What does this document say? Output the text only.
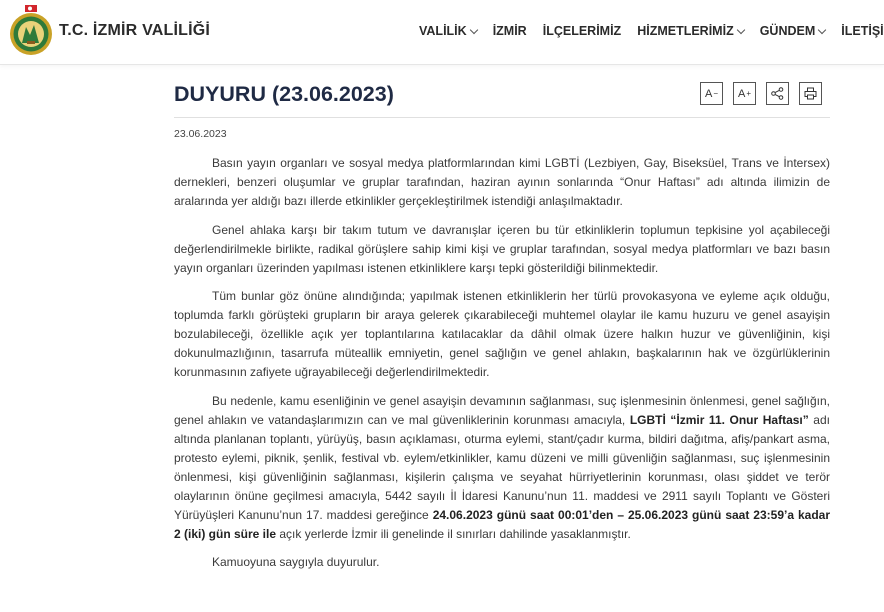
T.C. İZMİR VALİLİĞİ	VALİLİK İZMİR İLÇELERİMİZ HİZMETLERİMİZ GÜNDEM İLETİŞİ
DUYURU (23.06.2023)	A − A +
23.06.2023

Basın yayın organları ve sosyal medya platformlarından kimi LGBTİ (Lezbiyen, Gay, Biseksüel, Trans ve İntersex) dernekleri, benzeri oluşumlar ve gruplar tarafından, haziran ayının sonlarında “Onur Haftası” adı altında ilimizin de aralarında yer aldığı bazı illerde etkinlikler gerçekleştirilmek istendiği anlaşılmaktadır.

Genel ahlaka karşı bir takım tutum ve davranışlar içeren bu tür etkinliklerin toplumun tepkisine yol açabileceği değerlendirilmekle birlikte, radikal görüşlere sahip kimi kişi ve gruplar tarafından, sosyal medya platformları ve bazı basın yayın organları üzerinden yapılması istenen etkinliklere karşı tepki gösterildiği bilinmektedir.

Tüm bunlar göz önüne alındığında; yapılmak istenen etkinliklerin her türlü provokasyona ve eyleme açık olduğu, toplumda farklı görüşteki grupların bir araya gelerek çıkarabileceği muhtemel olaylar ile kamu huzuru ve genel asayişin bozulabileceği, özellikle açık yer toplantılarına katılacaklar da dâhil olmak üzere halkın huzur ve güvenliğinin, kişi dokunulmazlığının, tasarrufa müteallik emniyetin, genel sağlığın ve genel ahlakın, başkalarının hak ve özgürlüklerinin korunmasının zafiyete uğrayabileceği değerlendirilmektedir.

Bu nedenle, kamu esenliğinin ve genel asayişin devamının sağlanması, suç işlenmesinin önlenmesi, genel sağlığın, genel ahlakın ve vatandaşlarımızın can ve mal güvenliklerinin korunması amacıyla, LGBTİ “İzmir 11. Onur Haftası” adı altında planlanan toplantı, yürüyüş, basın açıklaması, oturma eylemi, stant/çadır kurma, bildiri dağıtma, afiş/pankart asma, protesto eylemi, piknik, şenlik, festival vb. eylem/etkinlikler, kamu düzeni ve milli güvenliğin sağlanması, suç işlenmesinin önlenmesi, kişi güvenliğinin sağlanması, kişilerin çalışma ve seyahat hürriyetlerinin korunması, olası şiddet ve terör olaylarının önüne geçilmesi amacıyla, 5442 sayılı İl İdaresi Kanunu’nun 11. maddesi ve 2911 sayılı Toplantı ve Gösteri Yürüyüşleri Kanunu’nun 17. maddesi gereğince 24.06.2023 günü saat 00:01’den – 25.06.2023 günü saat 23:59’a kadar 2 (iki) gün süre ile açık yerlerde İzmir ili genelinde il sınırları dahilinde yasaklanmıştır.

Kamuoyuna saygıyla duyurulur.
